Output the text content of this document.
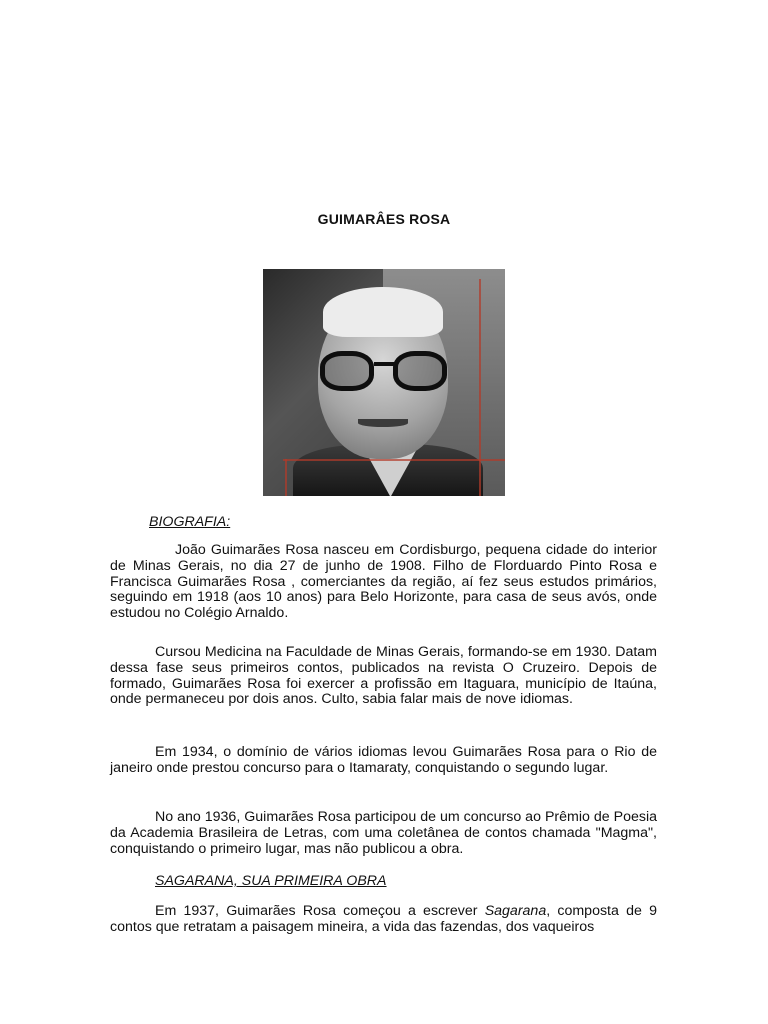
GUIMARÂES ROSA
BIOGRAFIA:
João Guimarães Rosa nasceu em Cordisburgo, pequena cidade do interior de Minas Gerais, no dia 27 de junho de 1908. Filho de Florduardo Pinto Rosa e Francisca Guimarães Rosa , comerciantes da região, aí fez seus estudos primários, seguindo em 1918 (aos 10 anos) para Belo Horizonte, para casa de seus avós, onde estudou no Colégio Arnaldo.
Cursou Medicina na Faculdade de Minas Gerais, formando-se em 1930. Datam dessa fase seus primeiros contos, publicados na revista O Cruzeiro. Depois de formado, Guimarães Rosa foi exercer a profissão em Itaguara, município de Itaúna, onde permaneceu por dois anos. Culto, sabia falar mais de nove idiomas.
Em 1934, o domínio de vários idiomas levou Guimarães Rosa para o Rio de janeiro onde prestou concurso para o Itamaraty, conquistando o segundo lugar.
No ano 1936, Guimarães Rosa participou de um concurso ao Prêmio de Poesia da Academia Brasileira de Letras, com uma coletânea de contos chamada "Magma", conquistando o primeiro lugar, mas não publicou a obra.
SAGARANA, SUA PRIMEIRA OBRA
Em 1937, Guimarães Rosa começou a escrever Sagarana, composta de 9 contos que retratam a paisagem mineira, a vida das fazendas, dos vaqueiros
